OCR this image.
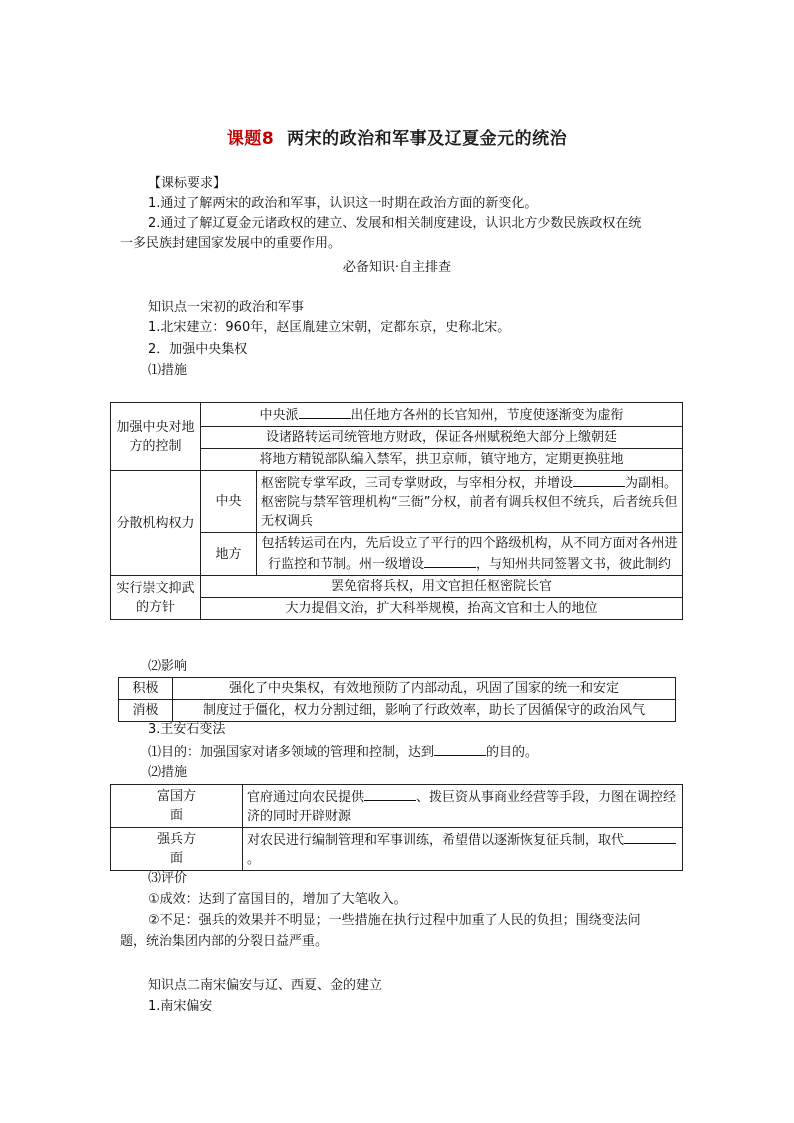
课题8 两宋的政治和军事及辽夏金元的统治
【课标要求】
1.通过了解两宋的政治和军事，认识这一时期在政治方面的新变化。
2.通过了解辽夏金元诸政权的建立、发展和相关制度建设，认识北方少数民族政权在统
一多民族封建国家发展中的重要作用。
必备知识·自主排查
知识点一宋初的政治和军事
1.北宋建立：960年，赵匡胤建立宋朝，定都东京，史称北宋。
2．加强中央集权
⑴措施
加强中央对地方的控制	中央派 出任地方各州的长官知州，节度使逐渐变为虚衔	
	设诸路转运司统管地方财政，保证各州赋税绝大部分上缴朝廷	
	将地方精锐部队编入禁军，拱卫京师，镇守地方，定期更换驻地	
分散机构权力	中央	枢密院专掌军政，三司专掌财政，与宰相分权，并增设 为副相。枢密院与禁军管理机构“三衙”分权，前者有调兵权但不统兵，后者统兵但无权调兵
	地方	包括转运司在内，先后设立了平行的四个路级机构，从不同方面对各州进行监控和节制。州一级增设 ，与知州共同签署文书，彼此制约
实行崇文抑武的方针	罢免宿将兵权，用文官担任枢密院长官	
	大力提倡文治，扩大科举规模，抬高文官和士人的地位	
⑵影响
积极	强化了中央集权，有效地预防了内部动乱，巩固了国家的统一和安定
消极	制度过于僵化，权力分割过细，影响了行政效率，助长了因循保守的政治风气
3.王安石变法
⑴目的：加强国家对诸多领域的管理和控制，达到	的目的。
⑵措施
富国方面	官府通过向农民提供 、拨巨资从事商业经营等手段，力图在调控经济的同时开辟财源
强兵方面	对农民进行编制管理和军事训练，希望借以逐渐恢复征兵制，取代。
⑶评价
①成效：达到了富国目的，增加了大笔收入。
②不足：强兵的效果并不明显；一些措施在执行过程中加重了人民的负担；围绕变法问
题，统治集团内部的分裂日益严重。
知识点二南宋偏安与辽、西夏、金的建立
1.南宋偏安
